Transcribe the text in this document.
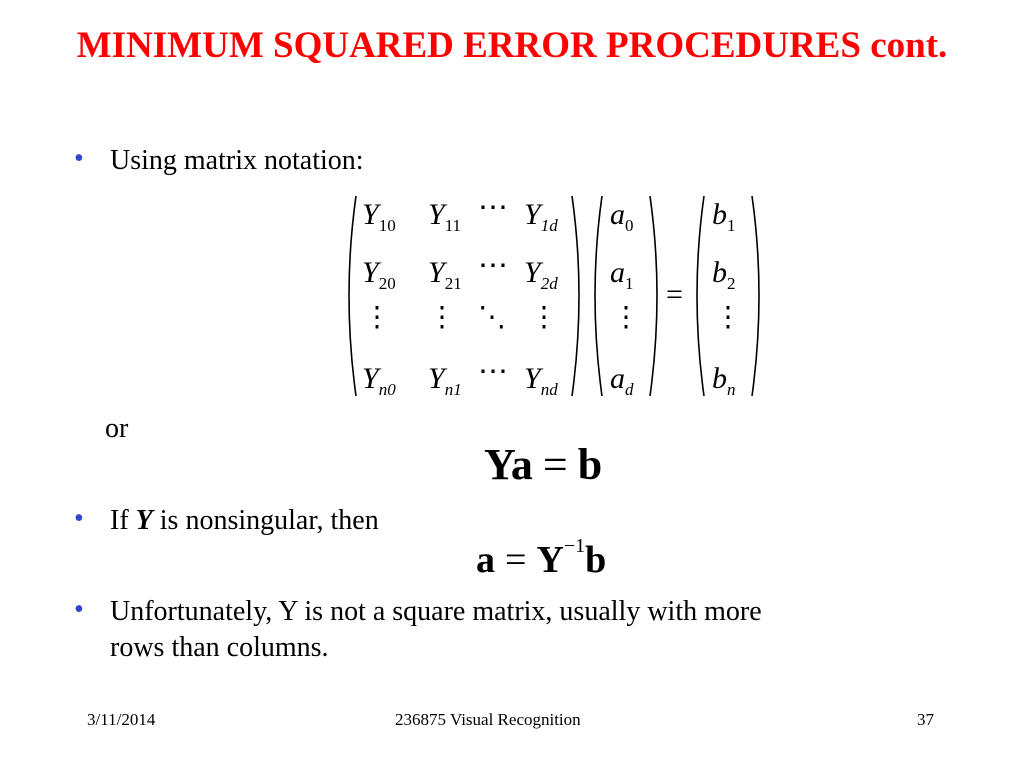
MINIMUM SQUARED ERROR PROCEDURES cont.
• Using matrix notation:
$Y_{10}$ $Y_{11}$
⋯ $Y_{1d}$
$Y_{20}$ $Y_{21}$
⋯ $Y_{2d}$
⋮ ⋮ ⋱ ⋮
$Y_{n0}$ $Y_{n1}$
⋯ $Y_{nd}$
$a_0$
$a_1$
⋮
$a_d$
=
$b_1$
$b_2$
⋮
$b_n$
or
Ya = b
• If Y is nonsingular, then
$a = Y^{-1}b$
• Unfortunately, Y is not a square matrix, usually with more
rows than columns.
3/11/2014	236875 Visual Recognition	37
